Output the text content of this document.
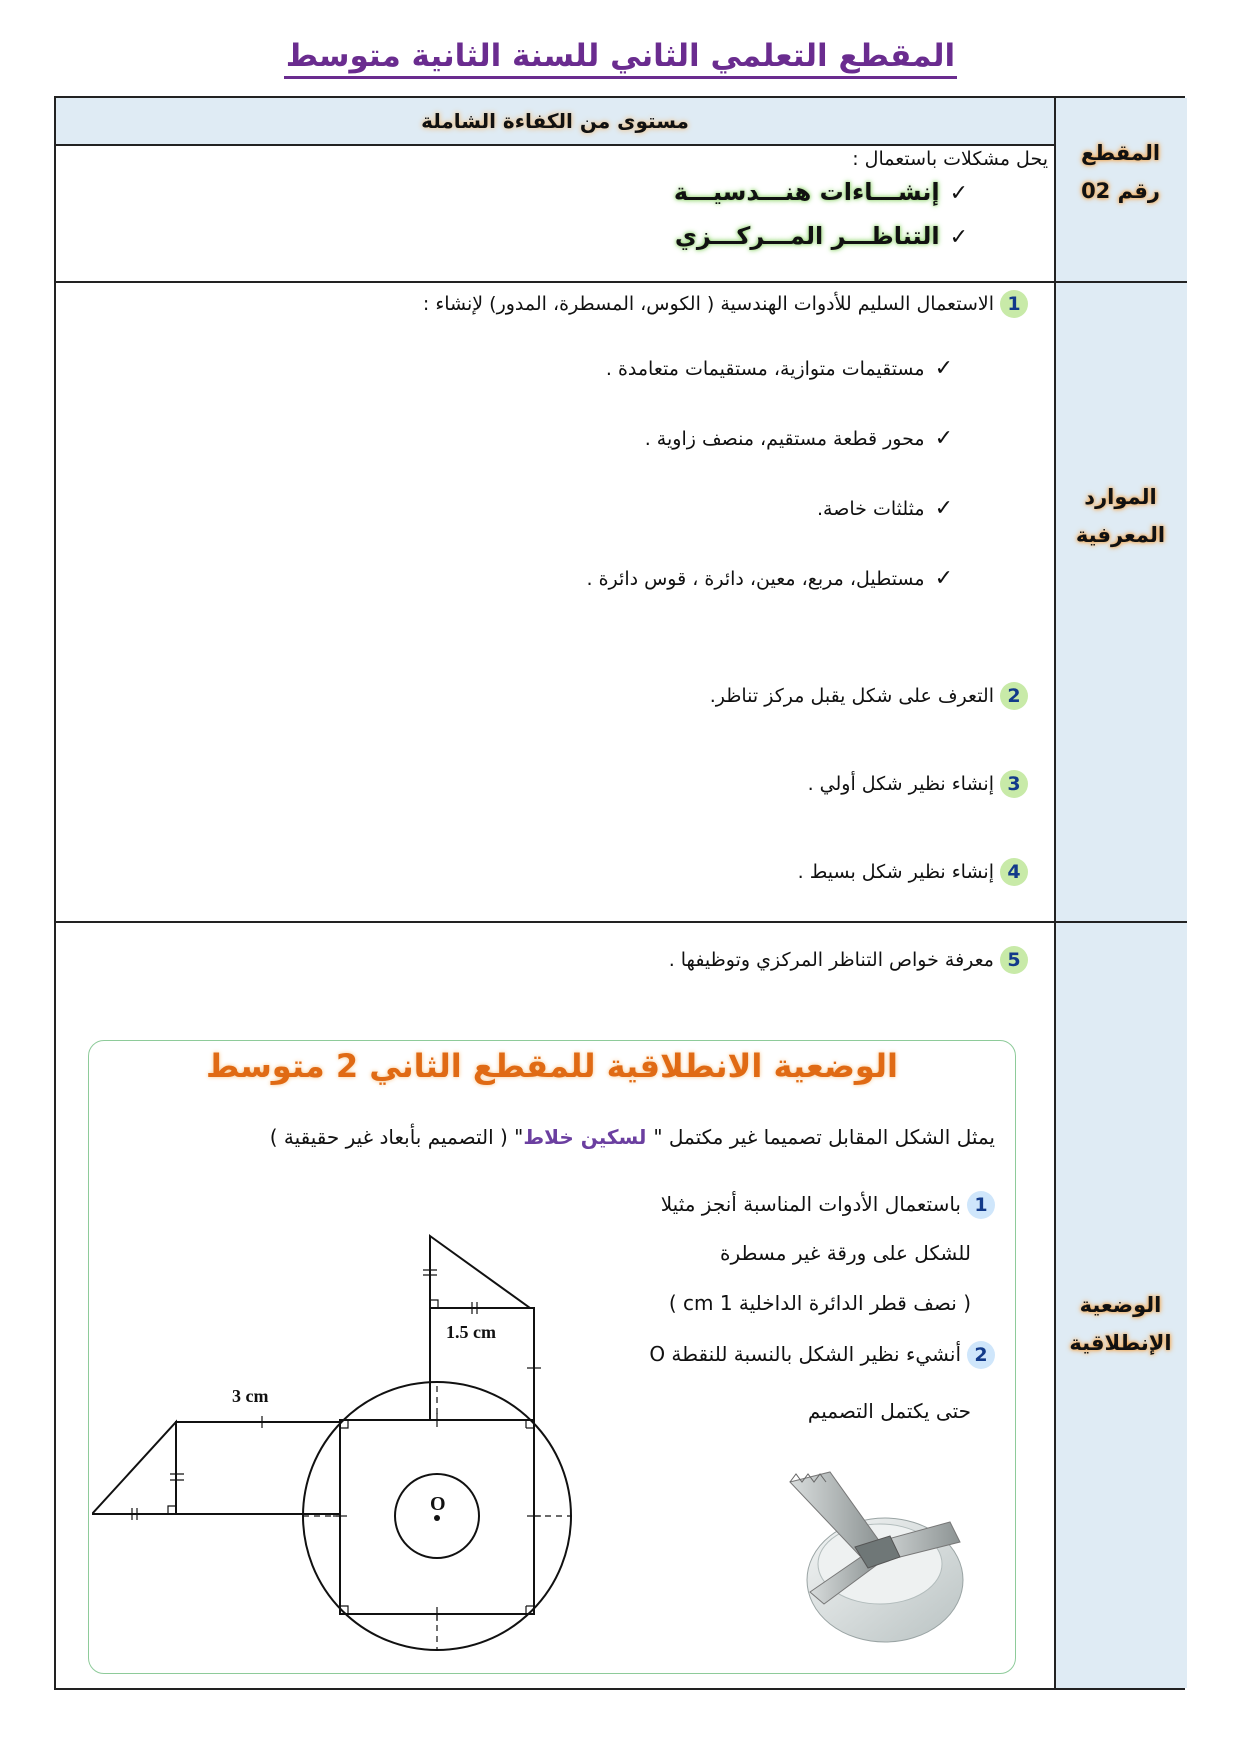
المقطع التعلمي الثاني للسنة الثانية متوسط
مستوى من الكفاءة الشاملة
المقطع
رقم 02
يحل مشكلات باستعمال :
✓إنشـــاءات هنـــدسيـــة
✓التناظـــر المـــركـــزي
الموارد
المعرفية
1الاستعمال السليم للأدوات الهندسية ( الكوس، المسطرة، المدور) لإنشاء :
✓مستقيمات متوازية، مستقيمات متعامدة .
✓محور قطعة مستقيم، منصف زاوية .
✓مثلثات خاصة.
✓مستطيل، مربع، معين، دائرة ، قوس دائرة .
2التعرف على شكل يقبل مركز تناظر.
3إنشاء نظير شكل أولي .
4إنشاء نظير شكل بسيط .
5معرفة خواص التناظر المركزي وتوظيفها .
الوضعية
الإنطلاقية
الوضعية الانطلاقية للمقطع الثاني 2 متوسط
يمثل الشكل المقابل تصميما غير مكتمل " لسكين خلاط" ( التصميم بأبعاد غير حقيقية )
1باستعمال الأدوات المناسبة أنجز مثيلا
للشكل على ورقة غير مسطرة
( نصف قطر الدائرة الداخلية 1 cm )
2أنشيء نظير الشكل بالنسبة للنقطة O
حتى يكتمل التصميم
1.5 cm
3 cm
O
